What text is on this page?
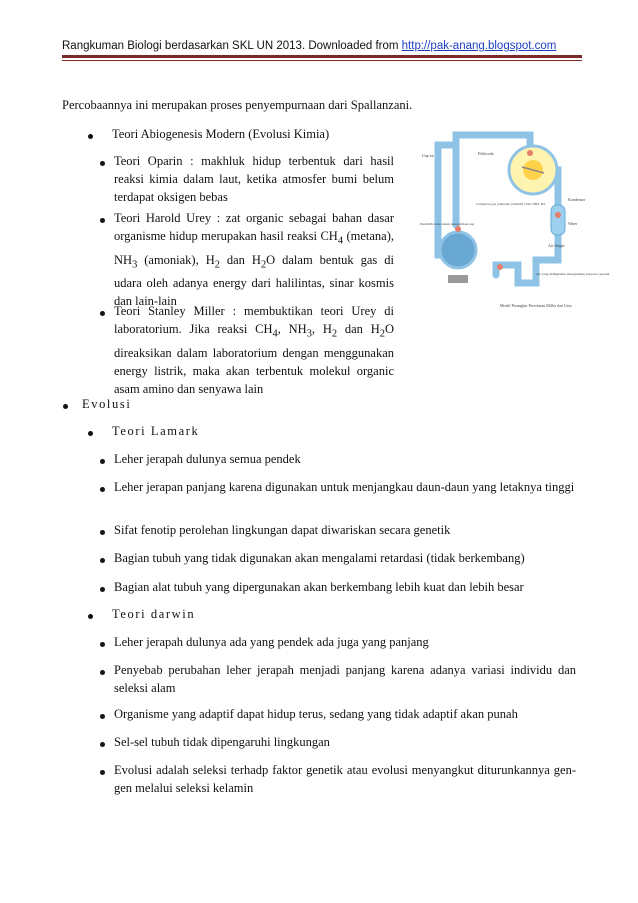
Rangkuman Biologi berdasarkan SKL UN 2013. Downloaded from http://pak-anang.blogspot.com
Percobaannya ini merupakan proses penyempurnaan dari Spallanzani.
Teori Abiogenesis Modern (Evolusi Kimia)
Teori Oparin : makhluk hidup terbentuk dari hasil reaksi kimia dalam laut, ketika atmosfer bumi belum terdapat oksigen bebas
Teori Harold Urey : zat organic sebagai bahan dasar organisme hidup merupakan hasil reaksi $CH_4$ (metana), $NH_3$ (amoniak), $H_2$ dan $H_2O$ dalam bentuk gas di udara oleh adanya energy dari halilintas, sinar kosmis dan lain-lain
Teori Stanley Miller : membuktikan teori Urey di laboratorium. Jika reaksi $CH_4$, $NH_3$, $H_2$ dan $H_2O$ direaksikan dalam laboratorium dengan menggunakan energy listrik, maka akan terbentuk molekul organic asam amino dan senyawa lain
Model Perangkat Percobaan Miller dan Urey
Uap air	Elektroda
Campuran gas (atmosfer primitif) CH4, NH3, H2
Kondensor
Water
Air dingin
Pendidih berisi untuk mengalirkan uap
Air
Air yang didinginkan mengandung senyawa organik
Evolusi
Teori Lamark
Leher jerapah dulunya semua pendek
Leher jerapan panjang karena digunakan untuk menjangkau daun-daun yang letaknya tinggi
Sifat fenotip perolehan lingkungan dapat diwariskan secara genetik
Bagian tubuh yang tidak digunakan akan mengalami retardasi (tidak berkembang)
Bagian alat tubuh yang dipergunakan akan berkembang lebih kuat dan lebih besar
Teori darwin
Leher jerapah dulunya ada yang pendek ada juga yang panjang
Penyebab perubahan leher jerapah menjadi panjang karena adanya variasi individu dan seleksi alam
Organisme yang adaptif dapat hidup terus, sedang yang tidak adaptif akan punah
Sel-sel tubuh tidak dipengaruhi lingkungan
Evolusi adalah seleksi terhadp faktor genetik atau evolusi menyangkut diturunkannya gen-gen melalui seleksi kelamin
